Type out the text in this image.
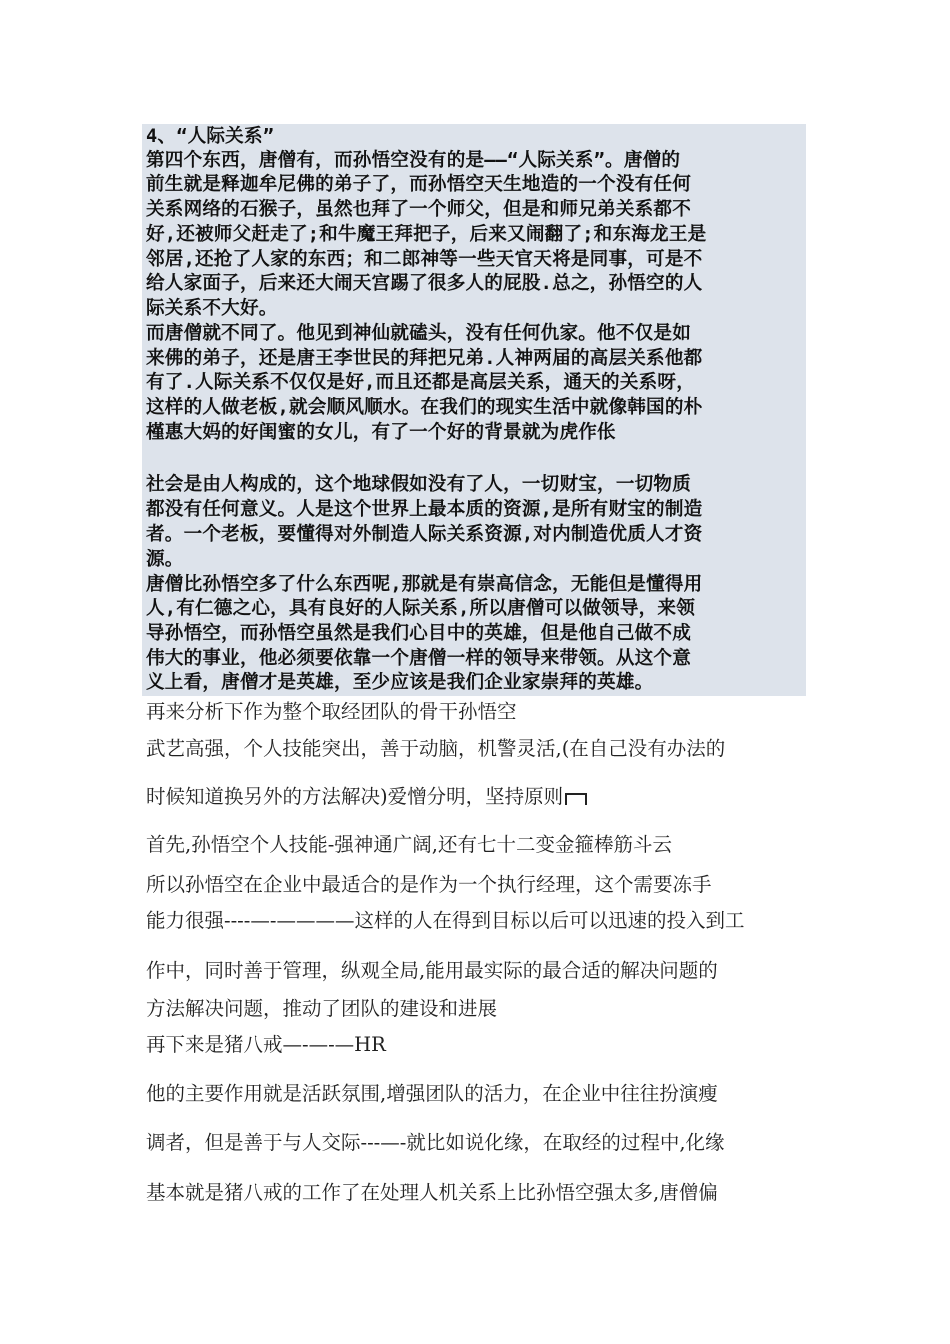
4、“人际关系”
第四个东西，唐僧有，而孙悟空没有的是——“人际关系”。唐僧的
前生就是释迦牟尼佛的弟子了，而孙悟空天生地造的一个没有任何
关系网络的石猴子，虽然也拜了一个师父，但是和师兄弟关系都不
好,还被师父赶走了;和牛魔王拜把子，后来又闹翻了;和东海龙王是
邻居,还抢了人家的东西；和二郎神等一些天官天将是同事，可是不
给人家面子，后来还大闹天宫踢了很多人的屁股.总之，孙悟空的人
际关系不大好。
而唐僧就不同了。他见到神仙就磕头，没有任何仇家。他不仅是如
来佛的弟子，还是唐王李世民的拜把兄弟.人神两届的高层关系他都
有了.人际关系不仅仅是好,而且还都是高层关系，通天的关系呀，
这样的人做老板,就会顺风顺水。在我们的现实生活中就像韩国的朴
槿惠大妈的好闺蜜的女儿，有了一个好的背景就为虎作伥
社会是由人构成的，这个地球假如没有了人，一切财宝，一切物质
都没有任何意义。人是这个世界上最本质的资源,是所有财宝的制造
者。一个老板，要懂得对外制造人际关系资源,对内制造优质人才资
源。
唐僧比孙悟空多了什么东西呢,那就是有崇高信念，无能但是懂得用
人,有仁德之心，具有良好的人际关系,所以唐僧可以做领导，来领
导孙悟空，而孙悟空虽然是我们心目中的英雄，但是他自己做不成
伟大的事业，他必须要依靠一个唐僧一样的领导来带领。从这个意
义上看，唐僧才是英雄，至少应该是我们企业家崇拜的英雄。
再来分析下作为整个取经团队的骨干孙悟空
武艺高强，个人技能突出，善于动脑，机警灵活,(在自己没有办法的
时候知道换另外的方法解决)爱憎分明，坚持原则
首先,孙悟空个人技能-强神通广阔,还有七十二变金箍棒筋斗云
所以孙悟空在企业中最适合的是作为一个执行经理，这个需要冻手
能力很强----—-————这样的人在得到目标以后可以迅速的投入到工
作中，同时善于管理，纵观全局,能用最实际的最合适的解决问题的
方法解决问题，推动了团队的建设和进展
再下来是猪八戒—-—-—HR
他的主要作用就是活跃氛围,增强团队的活力，在企业中往往扮演瘦
调者，但是善于与人交际---—-就比如说化缘，在取经的过程中,化缘
基本就是猪八戒的工作了在处理人机关系上比孙悟空强太多,唐僧偏
